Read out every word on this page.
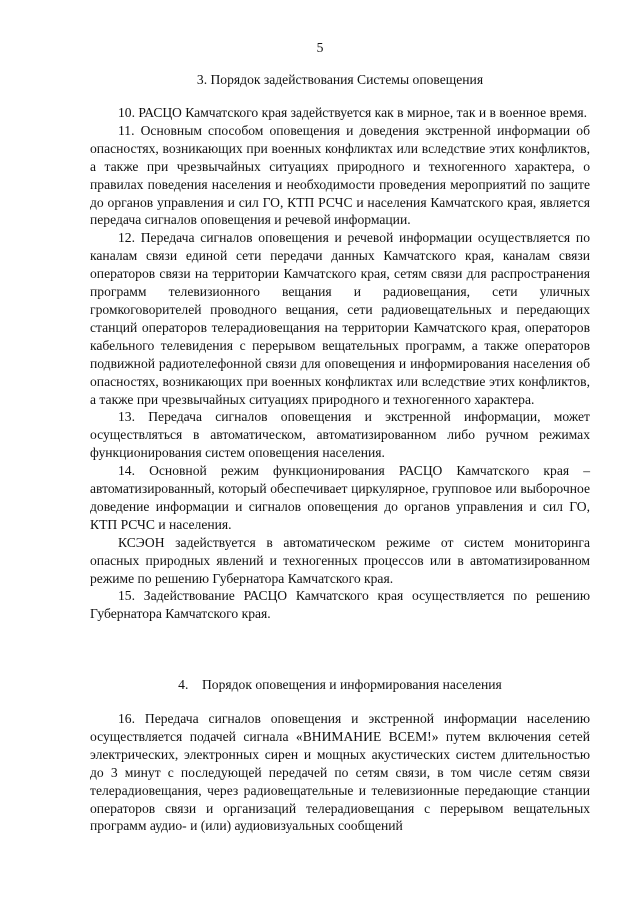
5
3. Порядок задействования Системы оповещения

10. РАСЦО Камчатского края задействуется как в мирное, так и в военное время.

11. Основным способом оповещения и доведения экстренной информации об опасностях, возникающих при военных конфликтах или вследствие этих конфликтов, а также при чрезвычайных ситуациях природного и техногенного характера, о правилах поведения населения и необходимости проведения мероприятий по защите до органов управления и сил ГО, КТП РСЧС и населения Камчатского края, является передача сигналов оповещения и речевой информации.

12. Передача сигналов оповещения и речевой информации осуществляется по каналам связи единой сети передачи данных Камчатского края, каналам связи операторов связи на территории Камчатского края, сетям связи для распространения программ телевизионного вещания и радиовещания, сети уличных громкоговорителей проводного вещания, сети радиовещательных и передающих станций операторов телерадиовещания на территории Камчатского края, операторов кабельного телевидения с перерывом вещательных программ, а также операторов подвижной радиотелефонной связи для оповещения и информирования населения об опасностях, возникающих при военных конфликтах или вследствие этих конфликтов, а также при чрезвычайных ситуациях природного и техногенного характера.

13. Передача сигналов оповещения и экстренной информации, может осуществляться в автоматическом, автоматизированном либо ручном режимах функционирования систем оповещения населения.

14. Основной режим функционирования РАСЦО Камчатского края – автоматизированный, который обеспечивает циркулярное, групповое или выборочное доведение информации и сигналов оповещения до органов управления и сил ГО, КТП РСЧС и населения.

КСЭОН задействуется в автоматическом режиме от систем мониторинга опасных природных явлений и техногенных процессов или в автоматизированном режиме по решению Губернатора Камчатского края.

15. Задействование РАСЦО Камчатского края осуществляется по решению Губернатора Камчатского края.

4.    Порядок оповещения и информирования населения

16. Передача сигналов оповещения и экстренной информации населению осуществляется подачей сигнала «ВНИМАНИЕ ВСЕМ!» путем включения сетей электрических, электронных сирен и мощных акустических систем длительностью до 3 минут с последующей передачей по сетям связи, в том числе сетям связи телерадиовещания, через радиовещательные и телевизионные передающие станции операторов связи и организаций телерадиовещания с перерывом вещательных программ аудио- и (или) аудиовизуальных сообщений
